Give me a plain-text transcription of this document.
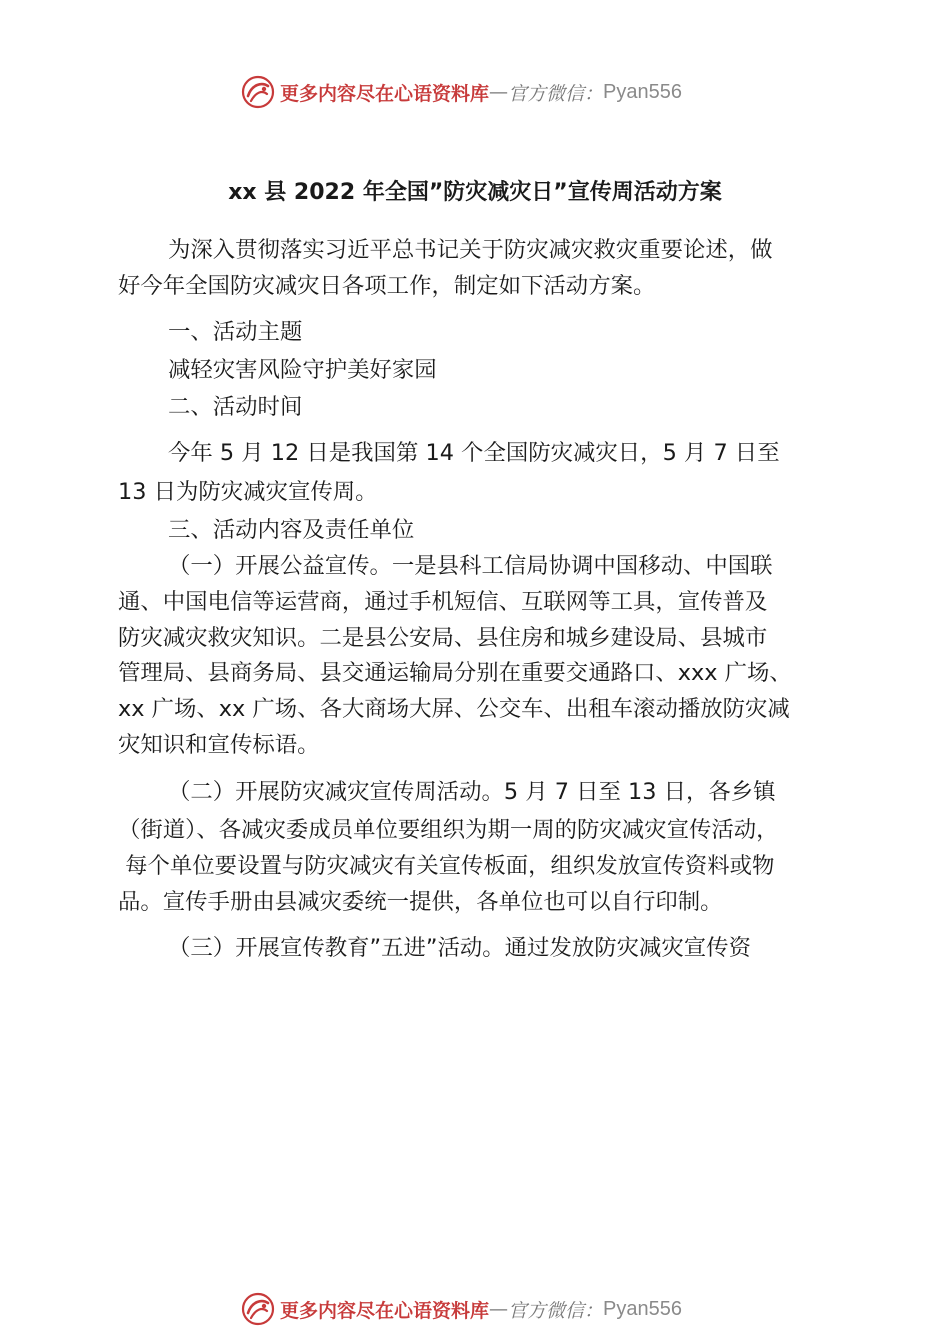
更多内容尽在心语资料库 — 官方微信： Pyan556
xx 县 2022 年全国”防灾减灾日”宣传周活动方案

为深入贯彻落实习近平总书记关于防灾减灾救灾重要论述，做

好今年全国防灾减灾日各项工作，制定如下活动方案。

一、活动主题

减轻灾害风险守护美好家园

二、活动时间

今年 5 月 12 日是我国第 14 个全国防灾减灾日，5 月 7 日至

13 日为防灾减灾宣传周。

三、活动内容及责任单位

（一）开展公益宣传。一是县科工信局协调中国移动、中国联

通、中国电信等运营商，通过手机短信、互联网等工具，宣传普及

防灾减灾救灾知识。二是县公安局、县住房和城乡建设局、县城市

管理局、县商务局、县交通运输局分别在重要交通路口、xxx 广场、

xx 广场、xx 广场、各大商场大屏、公交车、出租车滚动播放防灾减

灾知识和宣传标语。

（二）开展防灾减灾宣传周活动。5 月 7 日至 13 日，各乡镇

（街道）、各减灾委成员单位要组织为期一周的防灾减灾宣传活动，

每个单位要设置与防灾减灾有关宣传板面，组织发放宣传资料或物

品。宣传手册由县减灾委统一提供，各单位也可以自行印制。

（三）开展宣传教育”五进”活动。通过发放防灾减灾宣传资

更多内容尽在心语资料库 — 官方微信： Pyan556
